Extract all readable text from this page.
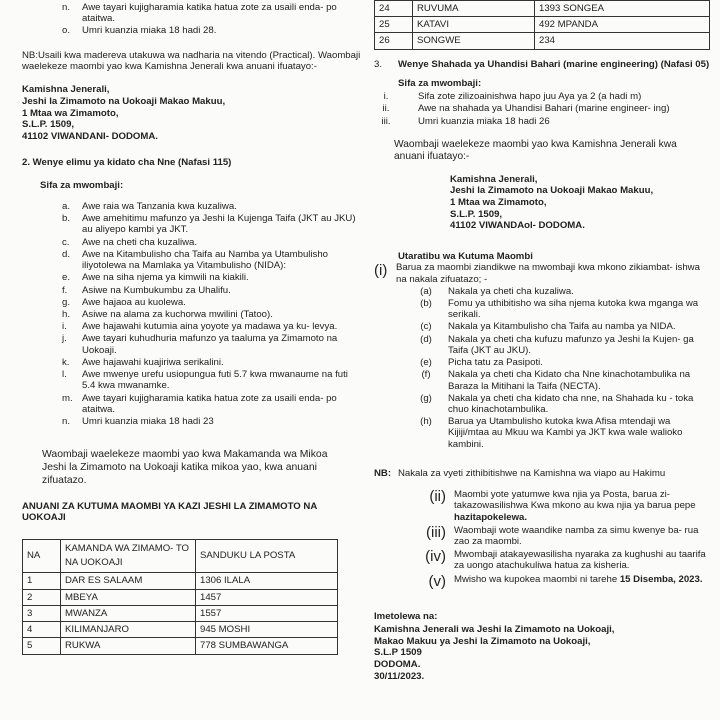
n.	Awe tayari kujigharamia katika hatua zote za usaili enda- po ataitwa.
o.	Umri kuanzia miaka 18 hadi 28.
NB:Usaili kwa madereva utakuwa wa nadharia na vitendo (Practical). Waombaji waelekeze maombi yao kwa Kamishna Jenerali kwa anuani ifuatayo:-
Kamishna Jenerali,
Jeshi la Zimamoto na Uokoaji Makao Makuu,
1 Mtaa wa Zimamoto,
S.L.P. 1509,
41102 VIWANDANI- DODOMA.
2. Wenye elimu ya kidato cha Nne (Nafasi 115)
Sifa za mwombaji:
a.	Awe raia wa Tanzania kwa kuzaliwa.
b.	Awe amehitimu mafunzo ya Jeshi la Kujenga Taifa (JKT au JKU) au aliyepo kambi ya JKT.
c.	Awe na cheti cha kuzaliwa.
d.	Awe na Kitambulisho cha Taifa au Namba ya Utambulisho iliyotolewa na Mamlaka ya Vitambulisho (NIDA):
e.	Awe na siha njema ya kimwili na kiakili.
f.	Asiwe na Kumbukumbu za Uhalifu.
g.	Awe hajaoa au kuolewa.
h.	Asiwe na alama za kuchorwa mwilini (Tatoo).
i.	Awe hajawahi kutumia aina yoyote ya madawa ya ku- levya.
j.	Awe tayari kuhudhuria mafunzo ya taaluma ya Zimamoto na Uokoaji.
k.	Awe hajawahi kuajiriwa serikalini.
l.	Awe mwenye urefu usiopungua futi 5.7 kwa mwanaume na futi 5.4 kwa mwanamke.
m. Awe tayari kujigharamia katika hatua zote za usaili enda- po ataitwa.
n.	Umri kuanzia miaka 18 hadi 23
Waombaji waelekeze maombi yao kwa Makamanda wa Mikoa Jeshi la Zimamoto na Uokoaji katika mikoa yao, kwa anuani zifuatazo.
ANUANI ZA KUTUMA MAOMBI YA KAZI JESHI LA ZIMAMOTO NA UOKOAJI
NA	KAMANDA WA ZIMAMO- TO NA UOKOAJI	SANDUKU LA POSTA
1	DAR ES SALAAM	1306 ILALA
2	MBEYA	1457
3	MWANZA	1557
4	KILIMANJARO	945 MOSHI
5	RUKWA	778 SUMBAWANGA
24	RUVUMA	1393 SONGEA
25	KATAVI	492 MPANDA
26	SONGWE	234
3.	Wenye Shahada ya Uhandisi Bahari (marine engineering) (Nafasi 05)
Sifa za mwombaji:
i.	Sifa zote zilizoainishwa hapo juu Aya ya 2 (a hadi m)
ii.	Awe na shahada ya Uhandisi Bahari (marine engineer- ing)
iii.	Umri kuanzia miaka 18 hadi 26
Waombaji waelekeze maombi yao kwa Kamishna Jenerali kwa anuani ifuatayo:-
Kamishna Jenerali,
Jeshi la Zimamoto na Uokoaji Makao Makuu,
1 Mtaa wa Zimamoto,
S.L.P. 1509,
41102 VIWANDAol- DODOMA.
Utaratibu wa Kutuma Maombi
(i) Barua za maombi ziandikwe na mwombaji kwa mkono zikiambat- ishwa na nakala zifuatazo; -
(a)	Nakala ya cheti cha kuzaliwa.
(b)	Fomu ya uthibitisho wa siha njema kutoka kwa mganga wa serikali.
(c)	Nakala ya Kitambulisho cha Taifa au namba ya NIDA.
(d)	Nakala ya cheti cha kufuzu mafunzo ya Jeshi la Kujen- ga Taifa (JKT au JKU).
(e)	Picha tatu za Pasipoti.
(f)	Nakala ya cheti cha Kidato cha Nne kinachotambulika na Baraza la Mitihani la Taifa (NECTA).
(g)	Nakala ya cheti cha kidato cha nne, na Shahada ku - toka chuo kinachotambulika.
(h)	Barua ya Utambulisho kutoka kwa Afisa mtendaji wa Kijiji/mtaa au Mkuu wa Kambi ya JKT kwa wale walioko kambini.
NB: Nakala za vyeti zithibitishwe na Kamishna wa viapo au Hakimu
(ii) Maombi yote yatumwe kwa njia ya Posta, barua zi- takazowasilishwa Kwa mkono au kwa njia ya barua pepe hazitapokelewa.
(iii) Waombaji wote waandike namba za simu kwenye ba- rua zao za maombi.
(iv) Mwombaji atakayewasilisha nyaraka za kughushi au taarifa za uongo atachukuliwa hatua za kisheria.
(v) Mwisho wa kupokea maombi ni tarehe 15 Disemba, 2023.
Imetolewa na:
Kamishna Jenerali wa Jeshi la Zimamoto na Uokoaji,
Makao Makuu ya Jeshi la Zimamoto na Uokoaji,
S.L.P 1509
DODOMA.
30/11/2023.
